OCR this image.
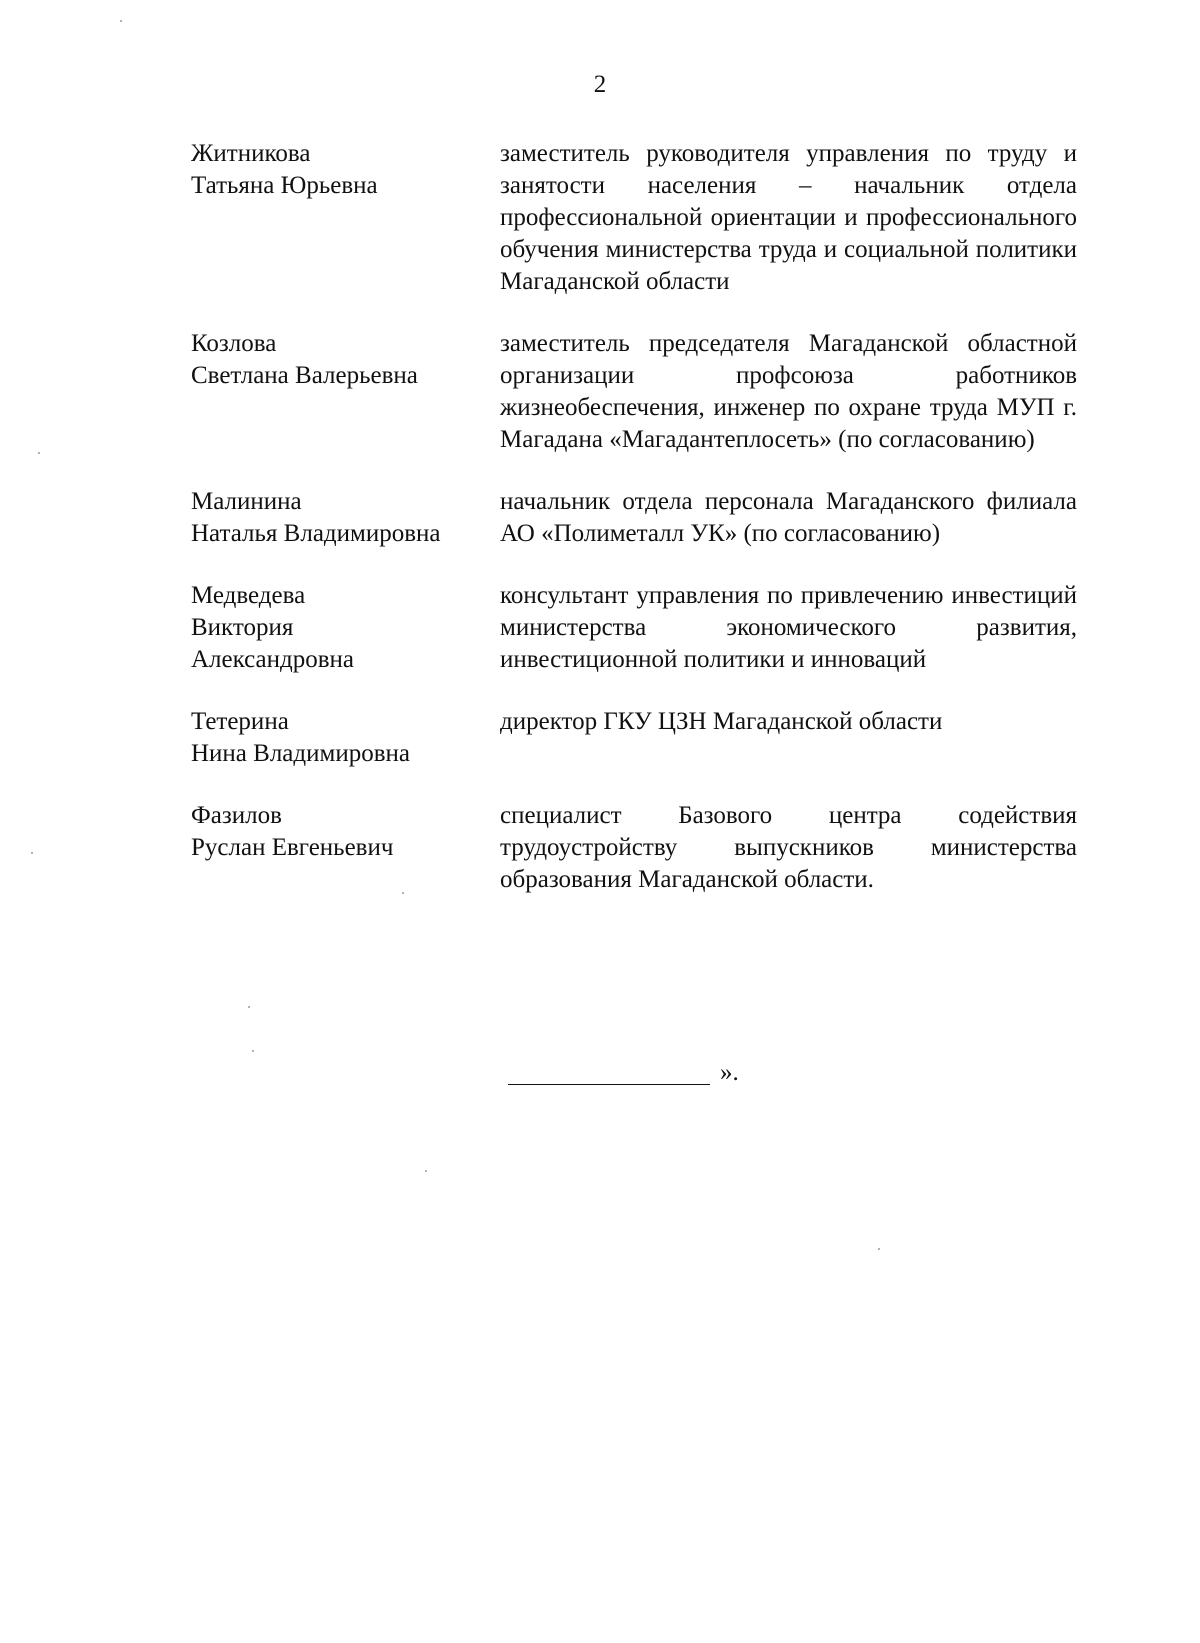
2
Житникова
Татьяна Юрьевна
заместитель руководителя управления по труду и занятости населения – начальник отдела профессиональной ориентации и профессионального обучения министерства труда и социальной политики Магаданской области
Козлова
Светлана Валерьевна
заместитель председателя Магаданской областной организации профсоюза работников жизнеобеспечения, инженер по охране труда МУП г. Магадана «Магадантеплосеть» (по согласованию)
Малинина
Наталья Владимировна
начальник отдела персонала Магаданского филиала АО «Полиметалл УК» (по согласованию)
Медведева
Виктория
Александровна
консультант управления по привлечению инвестиций министерства экономического развития, инвестиционной политики и инноваций
Тетерина
Нина Владимировна
директор ГКУ ЦЗН Магаданской области
Фазилов
Руслан Евгеньевич
специалист Базового центра содействия трудоустройству выпускников министерства образования Магаданской области.
».
